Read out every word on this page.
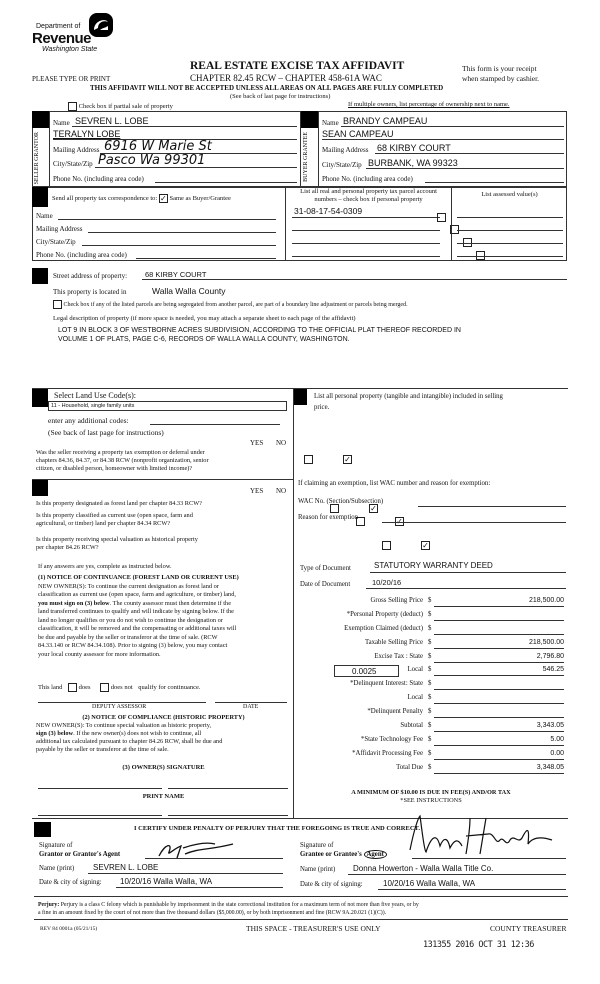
Department of
Revenue
Washington State
PLEASE TYPE OR PRINT
REAL ESTATE EXCISE TAX AFFIDAVIT
CHAPTER 82.45 RCW – CHAPTER 458-61A WAC
This form is your receipt
when stamped by cashier.
THIS AFFIDAVIT WILL NOT BE ACCEPTED UNLESS ALL AREAS ON ALL PAGES ARE FULLY COMPLETED
(See back of last page for instructions)
Check box if partial sale of property	If multiple owners, list percentage of ownership next to name.
SELLER GRANTOR
BUYER GRANTEE
Name SEVREN L. LOBE
TERALYN LOBE
Mailing Address 6916 W Marie St
City/State/Zip Pasco Wa 99301
Phone No. (including area code)
Name BRANDY CAMPEAU
SEAN CAMPEAU
Mailing Address 68 KIRBY COURT
City/State/Zip BURBANK, WA 99323
Phone No. (including area code)
Send all property tax correspondence to: ✓ Same as Buyer/Grantee
Name
Mailing Address
City/State/Zip
Phone No. (including area code)
List all real and personal property tax parcel account
numbers – check box if personal property
List assessed value(s)
31-08-17-54-0309

Street address of property: 68 KIRBY COURT
This property is located in	Walla Walla County
Check box if any of the listed parcels are being segregated from another parcel, are part of a boundary line adjustment or parcels being merged.
Legal description of property (if more space is needed, you may attach a separate sheet to each page of the affidavit)
LOT 9 IN BLOCK 3 OF WESTBORNE ACRES SUBDIVISION, ACCORDING TO THE OFFICIAL PLAT THEREOF RECORDED IN
VOLUME 1 OF PLATS, PAGE C-6, RECORDS OF WALLA WALLA COUNTY, WASHINGTON.
Select Land Use Code(s):
11 - Household, single family units
enter any additional codes:
(See back of last page for instructions)
YES NO
Was the seller receiving a property tax exemption or deferral under
chapters 84.36, 84.37, or 84.38 RCW (nonprofit organization, senior
citizen, or disabled person, homeowner with limited income)?
✓
YES NO
Is this property designated as forest land per chapter 84.33 RCW?
✓
Is this property classified as current use (open space, farm and
agricultural, or timber) land per chapter 84.34 RCW?	✓
Is this property receiving special valuation as historical property
per chapter 84.26 RCW?	✓
If any answers are yes, complete as instructed below.
(1) NOTICE OF CONTINUANCE (FOREST LAND OR CURRENT USE)
NEW OWNER(S): To continue the current designation as forest land or
classification as current use (open space, farm and agriculture, or timber) land,
you must sign on (3) below. The county assessor must then determine if the
land transferred continues to qualify and will indicate by signing below. If the
land no longer qualifies or you do not wish to continue the designation or
classification, it will be removed and the compensating or additional taxes will
be due and payable by the seller or transferor at the time of sale. (RCW
84.33.140 or RCW 84.34.108). Prior to signing (3) below, you may contact
your local county assessor for more information.
This land	does	does not qualify for continuance.
DEPUTY ASSESSOR	DATE
(2) NOTICE OF COMPLIANCE (HISTORIC PROPERTY)
NEW OWNER(S): To continue special valuation as historic property,
sign (3) below. If the new owner(s) does not wish to continue, all
additional tax calculated pursuant to chapter 84.26 RCW, shall be due and
payable by the seller or transferor at the time of sale.
(3) OWNER(S) SIGNATURE
PRINT NAME
List all personal property (tangible and intangible) included in selling
price.
If claiming an exemption, list WAC number and reason for exemption:
WAC No. (Section/Subsection)
Reason for exemption
Type of Document	STATUTORY WARRANTY DEED
Date of Document	10/20/16
0.0025
Gross Selling Price $	218,500.00
*Personal Property (deduct) $
Exemption Claimed (deduct) $
Taxable Selling Price $	218,500.00
Excise Tax : State $	2,796.80
Local $	546.25
*Delinquent Interest: State $
Local $
*Delinquent Penalty $
Subtotal $	3,343.05
*State Technology Fee $	5.00
*Affidavit Processing Fee $	0.00
Total Due $	3,348.05
A MINIMUM OF $10.00 IS DUE IN FEE(S) AND/OR TAX
*SEE INSTRUCTIONS
I CERTIFY UNDER PENALTY OF PERJURY THAT THE FOREGOING IS TRUE AND CORRECT.
Signature of
Grantor or Grantor's Agent
Name (print) SEVREN L. LOBE
Date & city of signing: 10/20/16 Walla Walla, WA
Signature of
Grantee or Grantee's Agent
Name (print) Donna Howerton - Walla Walla Title Co.
Date & city of signing:	10/20/16 Walla Walla, WA
Perjury: Perjury is a class C felony which is punishable by imprisonment in the state correctional institution for a maximum term of not more than five years, or by
a fine in an amount fixed by the court of not more than five thousand dollars ($5,000.00), or by both imprisonment and fine (RCW 9A.20.021 (1)(C)).
REV 84 0001a (05/21/15)	THIS SPACE - TREASURER'S USE ONLY	COUNTY TREASURER
131355 2016 OCT 31 12:36
